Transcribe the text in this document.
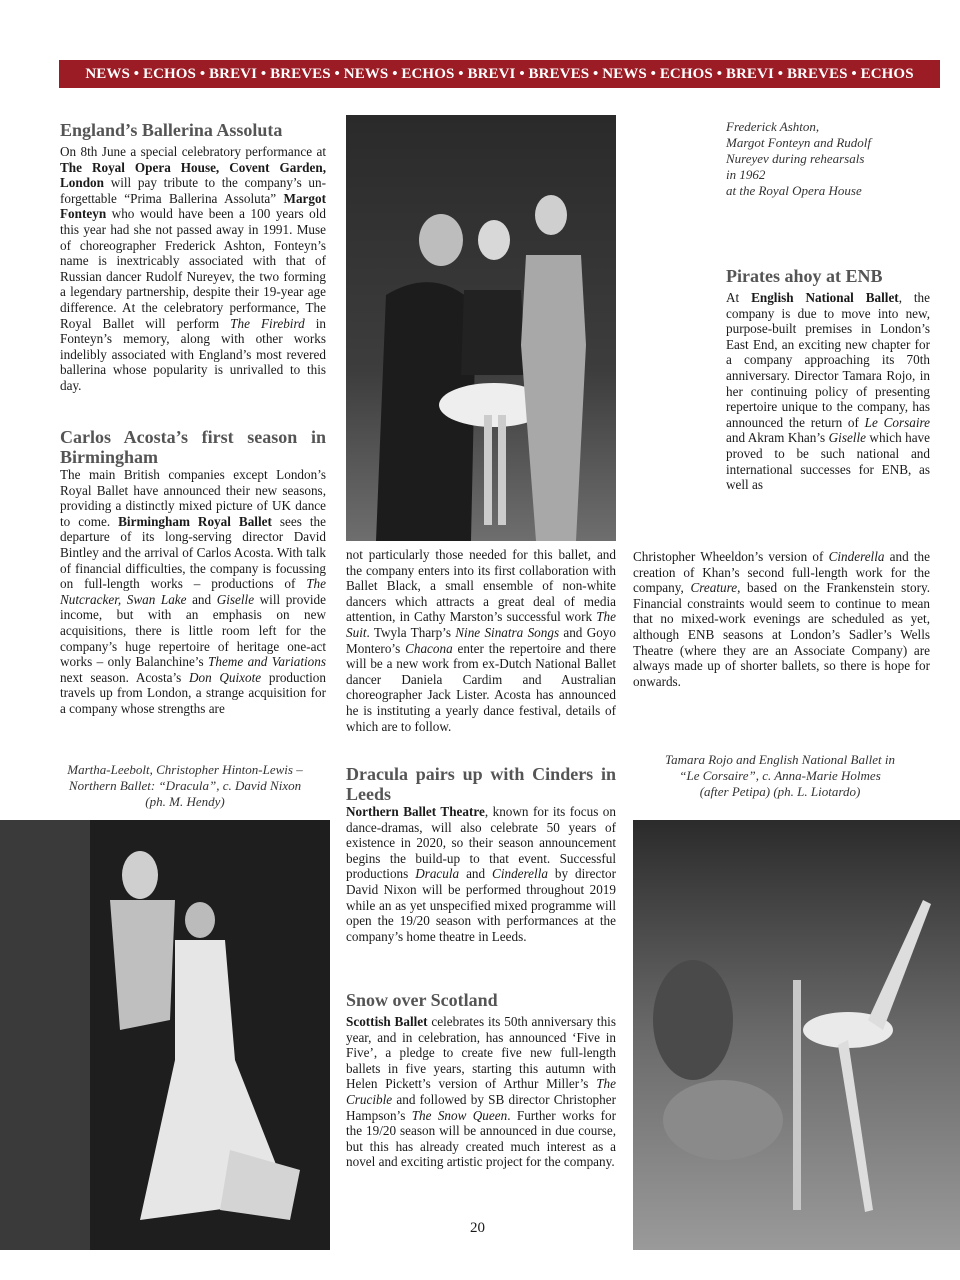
NEWS • ECHOS • BREVI • BREVES • NEWS • ECHOS • BREVI • BREVES • NEWS • ECHOS • BREVI • BREVES • ECHOS
England’s Ballerina Assoluta

On 8th June a special celebratory performance at The Royal Opera House, Covent Garden, London will pay tribute to the company’s unforgettable “Prima Ballerina Assoluta” Margot Fonteyn who would have been a 100 years old this year had she not passed away in 1991. Muse of choreographer Frederick Ashton, Fonteyn’s name is inextricably associated with that of Russian dancer Rudolf Nureyev, the two forming a legendary partnership, despite their 19-year age difference. At the celebratory performance, The Royal Ballet will perform The Firebird in Fonteyn’s memory, along with other works indelibly associated with England’s most revered ballerina whose popularity is unrivalled to this day.

Carlos Acosta’s first season in Birmingham

The main British companies except London’s Royal Ballet have announced their new seasons, providing a distinctly mixed picture of UK dance to come. Birmingham Royal Ballet sees the departure of its long-serving director David Bintley and the arrival of Carlos Acosta. With talk of financial difficulties, the company is focussing on full-length works – productions of The Nutcracker, Swan Lake and Giselle will provide income, but with an emphasis on new acquisitions, there is little room left for the company’s huge repertoire of heritage one-act works – only Balanchine’s Theme and Variations next season. Acosta’s Don Quixote production travels up from London, a strange acquisition for a company whose strengths are

not particularly those needed for this ballet, and the company enters into its first collaboration with Ballet Black, a small ensemble of non-white dancers which attracts a great deal of media attention, in Cathy Marston’s successful work The Suit. Twyla Tharp’s Nine Sinatra Songs and Goyo Montero’s Chacona enter the repertoire and there will be a new work from ex-Dutch National Ballet dancer Daniela Cardim and Australian choreographer Jack Lister. Acosta has announced he is instituting a yearly dance festival, details of which are to follow.

Dracula pairs up with Cinders in Leeds

Northern Ballet Theatre, known for its focus on dance-dramas, will also celebrate 50 years of existence in 2020, so their season announcement begins the build-up to that event. Successful productions Dracula and Cinderella by director David Nixon will be performed throughout 2019 while an as yet unspecified mixed programme will open the 19/20 season with performances at the company’s home theatre in Leeds.

Snow over Scotland

Scottish Ballet celebrates its 50th anniversary this year, and in celebration, has announced ‘Five in Five’, a pledge to create five new full-length ballets in five years, starting this autumn with Helen Pickett’s version of Arthur Miller’s The Crucible and followed by SB director Christopher Hampson’s The Snow Queen. Further works for the 19/20 season will be announced in due course, but this has already created much interest as a novel and exciting artistic project for the company.

Frederick Ashton,
Margot Fonteyn and Rudolf
Nureyev during rehearsals
in 1962
at the Royal Opera House
Pirates ahoy at ENB

At English National Ballet, the company is due to move into new, purpose-built premises in London’s East End, an exciting new chapter for a company approaching its 70th anniversary. Director Tamara Rojo, in her continuing policy of presenting repertoire unique to the company, has announced the return of Le Corsaire and Akram Khan’s Giselle which have proved to be such national and international successes for ENB, as well as

Christopher Wheeldon’s version of Cinderella and the creation of Khan’s second full-length work for the company, Creature, based on the Frankenstein story. Financial constraints would seem to continue to mean that no mixed-work evenings are scheduled as yet, although ENB seasons at London’s Sadler’s Wells Theatre (where they are an Associate Company) are always made up of shorter ballets, so there is hope for onwards.

Martha-Leebolt, Christopher Hinton-Lewis –
Northern Ballet: “Dracula”, c. David Nixon
(ph. M. Hendy)
Tamara Rojo and English National Ballet in
“Le Corsaire”, c. Anna-Marie Holmes
(after Petipa) (ph. L. Liotardo)
20
